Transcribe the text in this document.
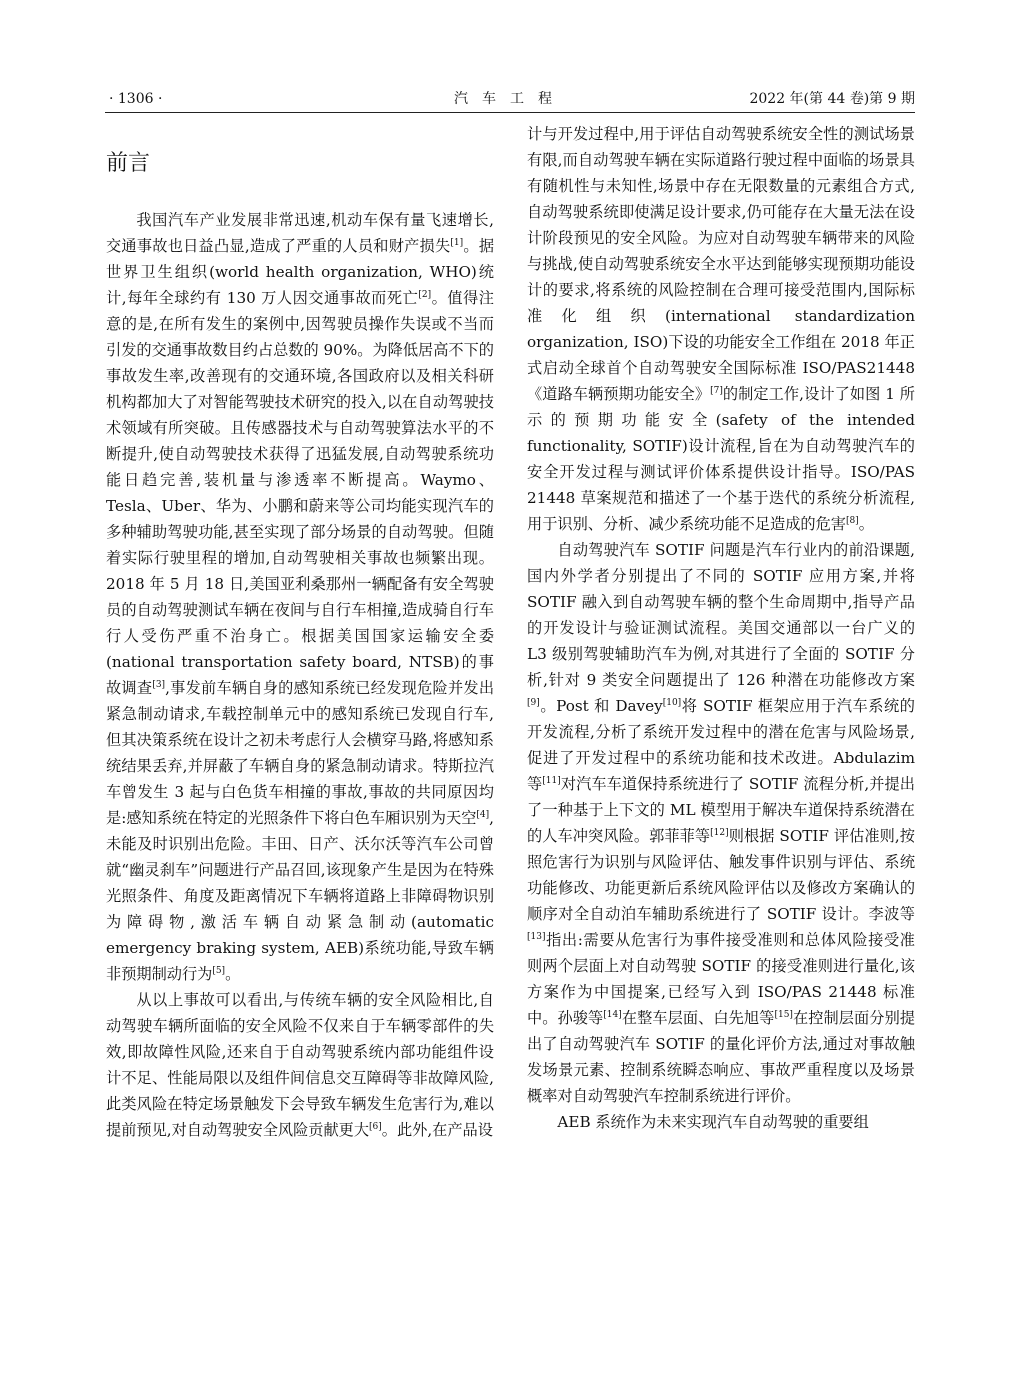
· 1306 ·	汽车工程	2022 年(第 44 卷)第 9 期
前言

我国汽车产业发展非常迅速,机动车保有量飞速增长,交通事故也日益凸显,造成了严重的人员和财产损失[1]。据世界卫生组织(world health organization, WHO)统计,每年全球约有 130 万人因交通事故而死亡[2]。值得注意的是,在所有发生的案例中,因驾驶员操作失误或不当而引发的交通事故数目约占总数的 90%。为降低居高不下的事故发生率,改善现有的交通环境,各国政府以及相关科研机构都加大了对智能驾驶技术研究的投入,以在自动驾驶技术领域有所突破。且传感器技术与自动驾驶算法水平的不断提升,使自动驾驶技术获得了迅猛发展,自动驾驶系统功能日趋完善,装机量与渗透率不断提高。Waymo、Tesla、Uber、华为、小鹏和蔚来等公司均能实现汽车的多种辅助驾驶功能,甚至实现了部分场景的自动驾驶。但随着实际行驶里程的增加,自动驾驶相关事故也频繁出现。2018 年 5 月 18 日,美国亚利桑那州一辆配备有安全驾驶员的自动驾驶测试车辆在夜间与自行车相撞,造成骑自行车行人受伤严重不治身亡。根据美国国家运输安全委(national transportation safety board, NTSB)的事故调查[3],事发前车辆自身的感知系统已经发现危险并发出紧急制动请求,车载控制单元中的感知系统已发现自行车,但其决策系统在设计之初未考虑行人会横穿马路,将感知系统结果丢弃,并屏蔽了车辆自身的紧急制动请求。特斯拉汽车曾发生 3 起与白色货车相撞的事故,事故的共同原因均是:感知系统在特定的光照条件下将白色车厢识别为天空[4],未能及时识别出危险。丰田、日产、沃尔沃等汽车公司曾就“幽灵刹车”问题进行产品召回,该现象产生是因为在特殊光照条件、角度及距离情况下车辆将道路上非障碍物识别为障碍物,激活车辆自动紧急制动(automatic emergency braking system, AEB)系统功能,导致车辆非预期制动行为[5]。

从以上事故可以看出,与传统车辆的安全风险相比,自动驾驶车辆所面临的安全风险不仅来自于车辆零部件的失效,即故障性风险,还来自于自动驾驶系统内部功能组件设计不足、性能局限以及组件间信息交互障碍等非故障风险,此类风险在特定场景触发下会导致车辆发生危害行为,难以提前预见,对自动驾驶安全风险贡献更大[6]。此外,在产品设

计与开发过程中,用于评估自动驾驶系统安全性的测试场景有限,而自动驾驶车辆在实际道路行驶过程中面临的场景具有随机性与未知性,场景中存在无限数量的元素组合方式,自动驾驶系统即使满足设计要求,仍可能存在大量无法在设计阶段预见的安全风险。为应对自动驾驶车辆带来的风险与挑战,使自动驾驶系统安全水平达到能够实现预期功能设计的要求,将系统的风险控制在合理可接受范围内,国际标准化组织(international standardization organization, ISO)下设的功能安全工作组在 2018 年正式启动全球首个自动驾驶安全国际标准 ISO/PAS21448《道路车辆预期功能安全》[7]的制定工作,设计了如图 1 所示的预期功能安全(safety of the intended functionality, SOTIF)设计流程,旨在为自动驾驶汽车的安全开发过程与测试评价体系提供设计指导。ISO/PAS 21448 草案规范和描述了一个基于迭代的系统分析流程,用于识别、分析、减少系统功能不足造成的危害[8]。

自动驾驶汽车 SOTIF 问题是汽车行业内的前沿课题,国内外学者分别提出了不同的 SOTIF 应用方案,并将 SOTIF 融入到自动驾驶车辆的整个生命周期中,指导产品的开发设计与验证测试流程。美国交通部以一台广义的 L3 级别驾驶辅助汽车为例,对其进行了全面的 SOTIF 分析,针对 9 类安全问题提出了 126 种潜在功能修改方案[9]。Post 和 Davey[10]将 SOTIF 框架应用于汽车系统的开发流程,分析了系统开发过程中的潜在危害与风险场景,促进了开发过程中的系统功能和技术改进。Abdulazim 等[11]对汽车车道保持系统进行了 SOTIF 流程分析,并提出了一种基于上下文的 ML 模型用于解决车道保持系统潜在的人车冲突风险。郭菲菲等[12]则根据 SOTIF 评估准则,按照危害行为识别与风险评估、触发事件识别与评估、系统功能修改、功能更新后系统风险评估以及修改方案确认的顺序对全自动泊车辅助系统进行了 SOTIF 设计。李波等[13]指出:需要从危害行为事件接受准则和总体风险接受准则两个层面上对自动驾驶 SOTIF 的接受准则进行量化,该方案作为中国提案,已经写入到 ISO/PAS 21448 标准中。孙骏等[14]在整车层面、白先旭等[15]在控制层面分别提出了自动驾驶汽车 SOTIF 的量化评价方法,通过对事故触发场景元素、控制系统瞬态响应、事故严重程度以及场景概率对自动驾驶汽车控制系统进行评价。

AEB 系统作为未来实现汽车自动驾驶的重要组
